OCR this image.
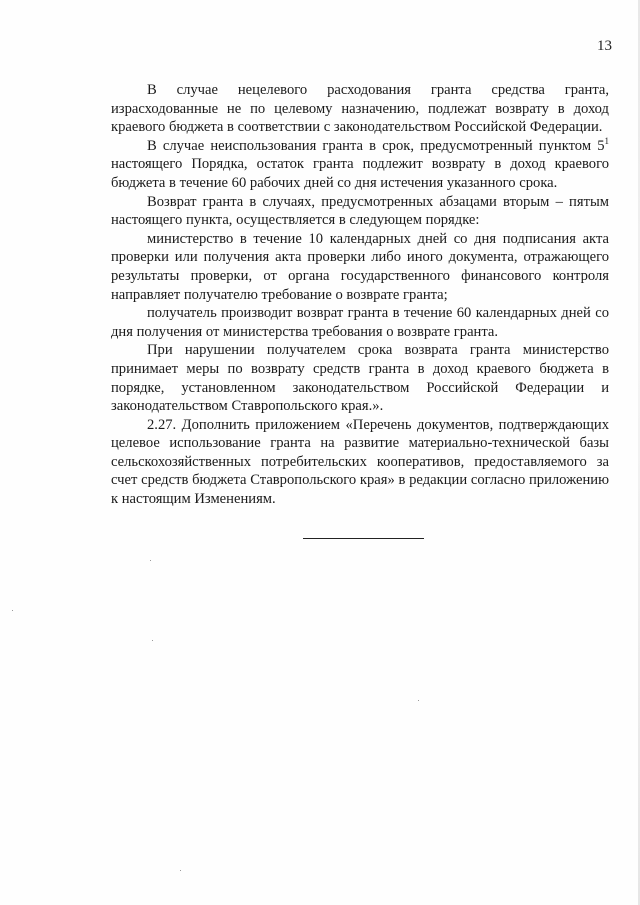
13

В случае нецелевого расходования гранта средства гранта, израсходованные не по целевому назначению, подлежат возврату в доход краевого бюджета в соответствии с законодательством Российской Федерации.

В случае неиспользования гранта в срок, предусмотренный пунктом $5^1$ настоящего Порядка, остаток гранта подлежит возврату в доход краевого бюджета в течение 60 рабочих дней со дня истечения указанного срока.

Возврат гранта в случаях, предусмотренных абзацами вторым – пятым настоящего пункта, осуществляется в следующем порядке:

министерство в течение 10 календарных дней со дня подписания акта проверки или получения акта проверки либо иного документа, отражающего результаты проверки, от органа государственного финансового контроля направляет получателю требование о возврате гранта;

получатель производит возврат гранта в течение 60 календарных дней со дня получения от министерства требования о возврате гранта.

При нарушении получателем срока возврата гранта министерство принимает меры по возврату средств гранта в доход краевого бюджета в порядке, установленном законодательством Российской Федерации и законодательством Ставропольского края.».

2.27. Дополнить приложением «Перечень документов, подтверждающих целевое использование гранта на развитие материально-технической базы сельскохозяйственных потребительских кооперативов, предоставляемого за счет средств бюджета Ставропольского края» в редакции согласно приложению к настоящим Изменениям.
